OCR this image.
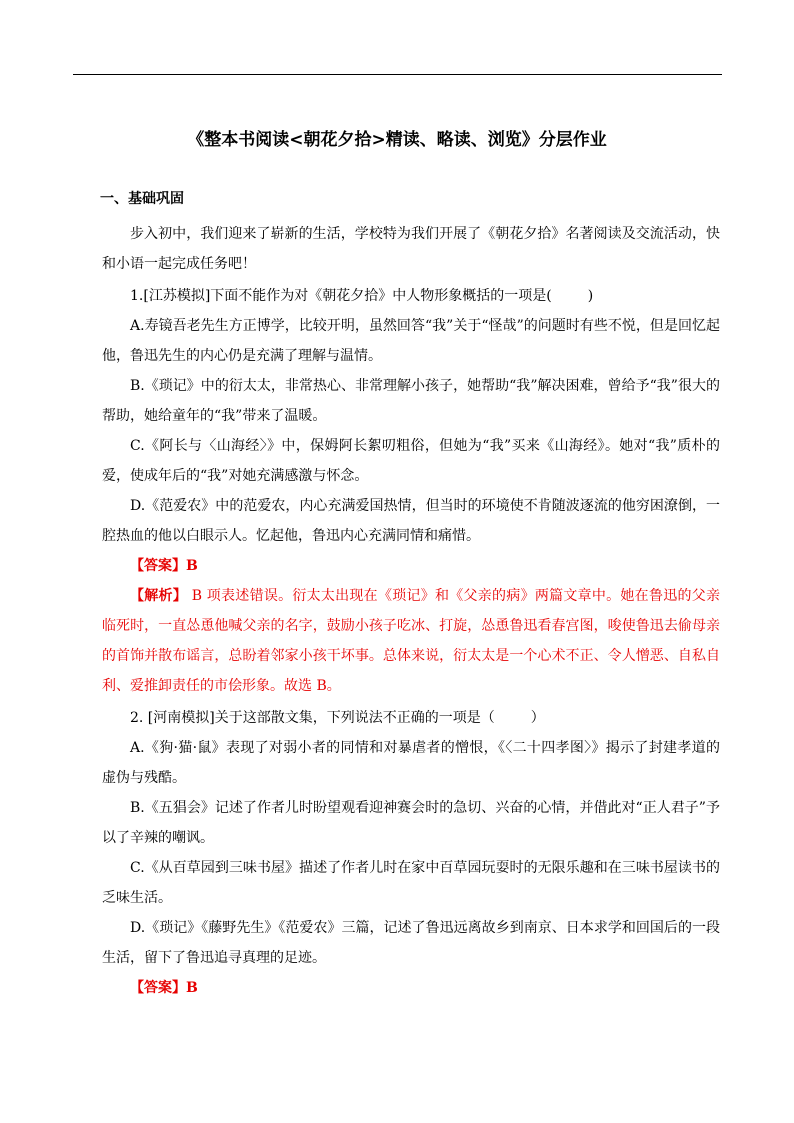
《整本书阅读<朝花夕拾>精读、略读、浏览》分层作业
一、基础巩固

步入初中，我们迎来了崭新的生活，学校特为我们开展了《朝花夕拾》名著阅读及交流活动，快和小语一起完成任务吧！

1.[江苏模拟]下面不能作为对《朝花夕拾》中人物形象概括的一项是(	)

A.寿镜吾老先生方正博学，比较开明，虽然回答“我”关于“怪哉”的问题时有些不悦，但是回忆起他，鲁迅先生的内心仍是充满了理解与温情。

B.《琐记》中的衍太太，非常热心、非常理解小孩子，她帮助“我”解决困难，曾给予“我”很大的帮助，她给童年的“我”带来了温暖。

C.《阿长与〈山海经〉》中，保姆阿长絮叨粗俗，但她为“我”买来《山海经》。她对“我”质朴的爱，使成年后的“我”对她充满感激与怀念。

D.《范爱农》中的范爱农，内心充满爱国热情，但当时的环境使不肯随波逐流的他穷困潦倒，一腔热血的他以白眼示人。忆起他，鲁迅内心充满同情和痛惜。

【答案】B

【解析】 B 项表述错误。衍太太出现在《琐记》和《父亲的病》两篇文章中。她在鲁迅的父亲临死时，一直怂恿他喊父亲的名字，鼓励小孩子吃冰、打旋，怂恿鲁迅看春宫图，唆使鲁迅去偷母亲的首饰并散布谣言，总盼着邻家小孩干坏事。总体来说，衍太太是一个心术不正、令人憎恶、自私自利、爱推卸责任的市侩形象。故选 B。

2. [河南模拟]关于这部散文集，下列说法不正确的一项是（	）

A.《狗·猫·鼠》表现了对弱小者的同情和对暴虐者的憎恨，《〈二十四孝图〉》揭示了封建孝道的虚伪与残酷。

B.《五猖会》记述了作者儿时盼望观看迎神赛会时的急切、兴奋的心情，并借此对“正人君子”予以了辛辣的嘲讽。

C.《从百草园到三味书屋》描述了作者儿时在家中百草园玩耍时的无限乐趣和在三味书屋读书的乏味生活。

D.《琐记》《藤野先生》《范爱农》三篇，记述了鲁迅远离故乡到南京、日本求学和回国后的一段生活，留下了鲁迅追寻真理的足迹。

【答案】B
